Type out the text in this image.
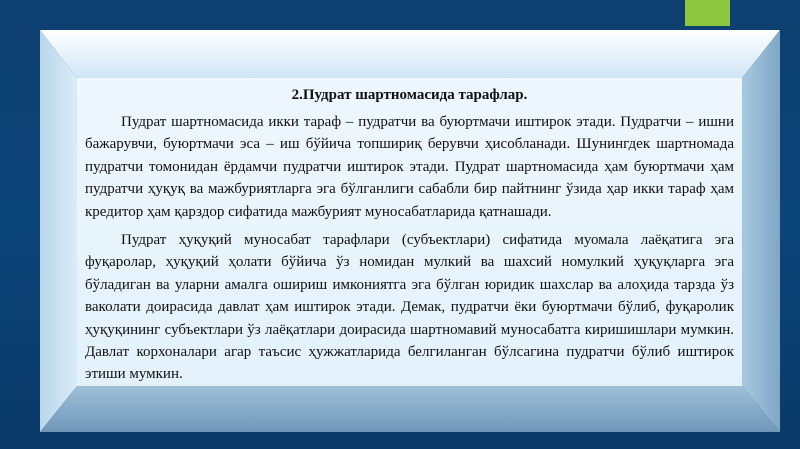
2.Пудрат шартномасида тарафлар.

Пудрат шартномасида икки тараф – пудратчи ва буюртмачи иштирок этади. Пудратчи – ишни бажарувчи, буюртмачи эса – иш бўйича топшириқ берувчи ҳисобланади. Шунингдек шартномада пудратчи томонидан ёрдамчи пудратчи иштирок этади. Пудрат шартномасида ҳам буюртмачи ҳам пудратчи ҳуқуқ ва мажбуриятларга эга бўлганлиги сабабли бир пайтнинг ўзида ҳар икки тараф ҳам кредитор ҳам қарздор сифатида мажбурият муносабатларида қатнашади.

Пудрат ҳуқуқий муносабат тарафлари (субъектлари) сифатида муомала лаёқатига эга фуқаролар, ҳуқуқий ҳолати бўйича ўз номидан мулкий ва шахсий номулкий ҳуқуқларга эга бўладиган ва уларни амалга ошириш имкониятга эга бўлган юридик шахслар ва алоҳида тарзда ўз ваколати доирасида давлат ҳам иштирок этади. Демак, пудратчи ёки буюртмачи бўлиб, фуқаролик ҳуқуқининг субъектлари ўз лаёқатлари доирасида шартномавий муносабатга киришишлари мумкин. Давлат корхоналари агар таъсис ҳужжатларида белгиланган бўлсагина пудратчи бўлиб иштирок этиши мумкин.
